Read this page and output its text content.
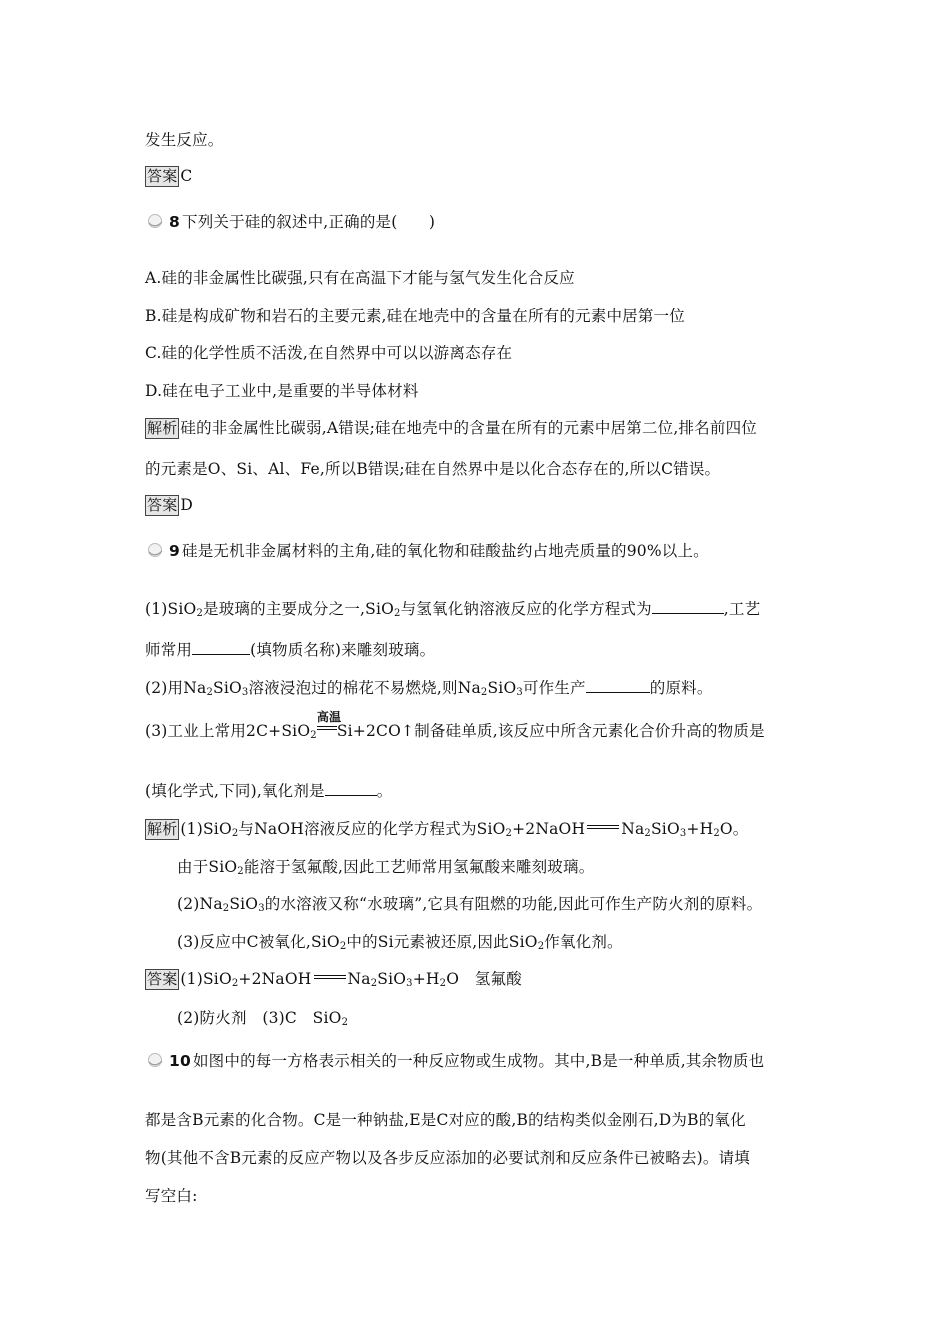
发生反应。
答案 C
8 下列关于硅的叙述中,正确的是(　　)
A.硅的非金属性比碳强,只有在高温下才能与氢气发生化合反应
B.硅是构成矿物和岩石的主要元素,硅在地壳中的含量在所有的元素中居第一位
C.硅的化学性质不活泼,在自然界中可以以游离态存在
D.硅在电子工业中,是重要的半导体材料
解析 硅的非金属性比碳弱,A错误;硅在地壳中的含量在所有的元素中居第二位,排名前四位
的元素是O、Si、Al、Fe,所以B错误;硅在自然界中是以化合态存在的,所以C错误。
答案 D
9 硅是无机非金属材料的主角,硅的氧化物和硅酸盐约占地壳质量的90%以上。
(1)SiO$_2$是玻璃的主要成分之一,SiO$_2$与氢氧化钠溶液反应的化学方程式为	,工艺
师常用	(填物质名称)来雕刻玻璃。
(2)用$Na_2SiO_3$溶液浸泡过的棉花不易燃烧,则$Na_2SiO_3$可作生产	的原料。
(3)工业上常用2C+SiO$_2$
高温
Si+2CO↑制备硅单质,该反应中所含元素化合价升高的物质是
(填化学式,下同),氧化剂是	。
解析 (1)SiO$_2$与NaOH溶液反应的化学方程式为SiO$_2$+2NaOH $Na_2SiO_3+H_2O$。
由于SiO$_2$能溶于氢氟酸,因此工艺师常用氢氟酸来雕刻玻璃。
$(2)Na_2SiO_3$的水溶液又称“水玻璃”,它具有阻燃的功能,因此可作生产防火剂的原料。
(3)反应中C被氧化,SiO$_2$中的Si元素被还原,因此SiO$_2$作氧化剂。
答案 (1)SiO$_2$+2NaOH $Na_2SiO_3+H_2O$　氢氟酸
(2)防火剂　(3)C　SiO$_2$
10 如图中的每一方格表示相关的一种反应物或生成物。其中,B是一种单质,其余物质也
都是含B元素的化合物。C是一种钠盐,E是C对应的酸,B的结构类似金刚石,D为B的氧化
物(其他不含B元素的反应产物以及各步反应添加的必要试剂和反应条件已被略去)。请填
写空白:
